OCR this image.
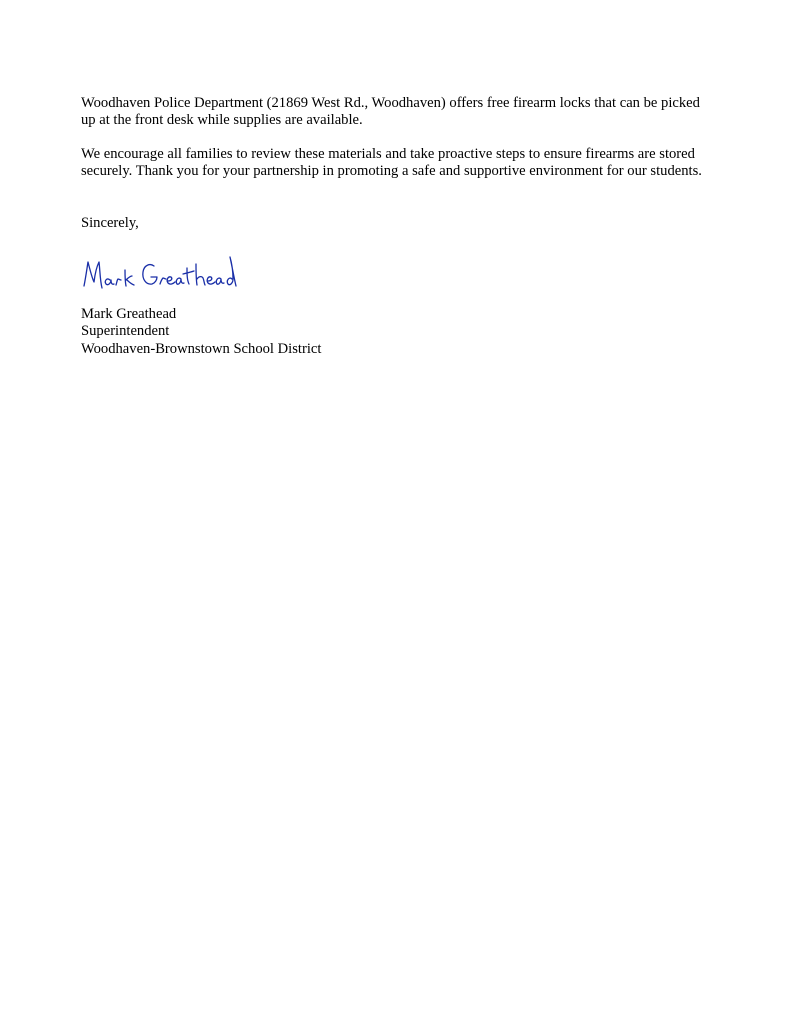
Woodhaven Police Department (21869 West Rd., Woodhaven) offers free firearm locks that can be picked up at the front desk while supplies are available.

We encourage all families to review these materials and take proactive steps to ensure firearms are stored securely. Thank you for your partnership in promoting a safe and supportive environment for our students.

Sincerely,

Mark Greathead
Superintendent
Woodhaven-Brownstown School District
